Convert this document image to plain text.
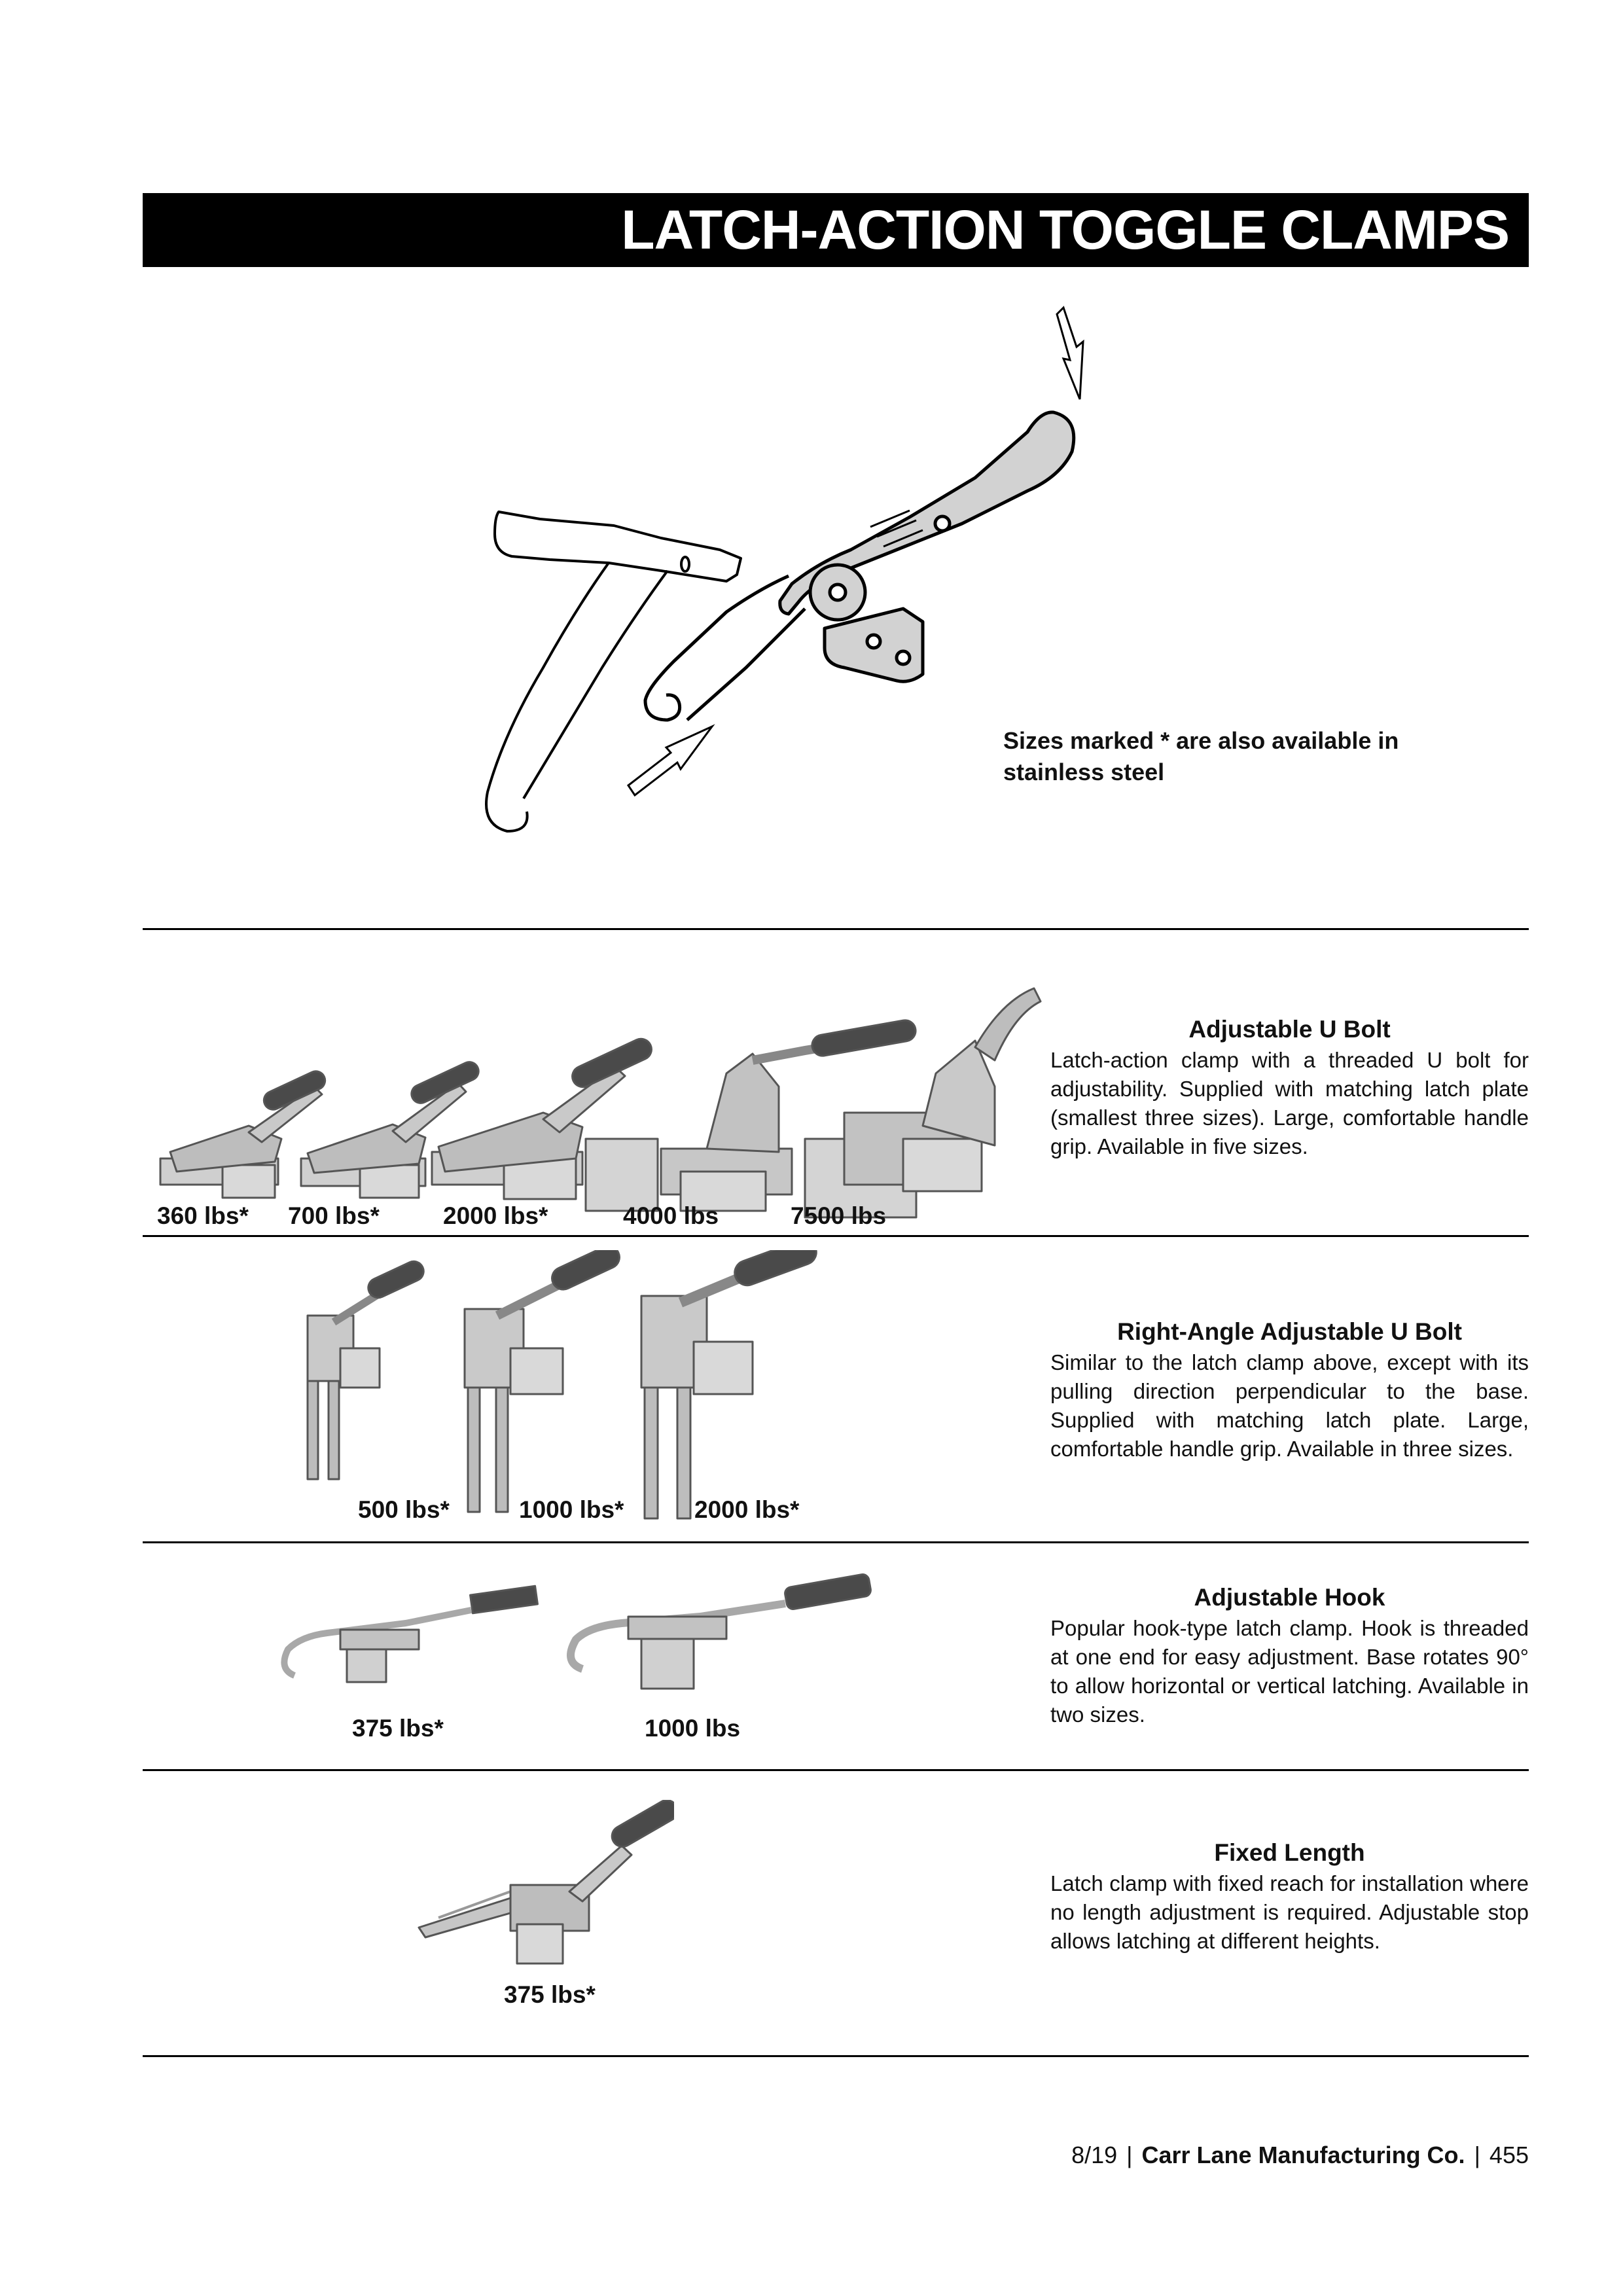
LATCH-ACTION TOGGLE CLAMPS
Sizes marked * are also available in
stainless steel
360 lbs* 700 lbs*	2000 lbs*	4000 lbs	7500 lbs
Adjustable U Bolt

Latch-action clamp with a threaded U bolt for adjustability. Supplied with matching latch plate (smallest three sizes). Large, comfortable handle grip. Available in five sizes.

500 lbs*	1000 lbs*	2000 lbs*
Right-Angle Adjustable U Bolt

Similar to the latch clamp above, except with its pulling direction perpendicular to the base. Supplied with matching latch plate. Large, comfortable handle grip. Available in three sizes.

375 lbs*	1000 lbs
Adjustable Hook

Popular hook-type latch clamp. Hook is threaded at one end for easy adjustment. Base rotates 90° to allow horizontal or vertical latching. Available in two sizes.

375 lbs*
Fixed Length

Latch clamp with fixed reach for installation where no length adjustment is required. Adjustable stop allows latching at different heights.

8/19 | Carr Lane Manufacturing Co. | 455
